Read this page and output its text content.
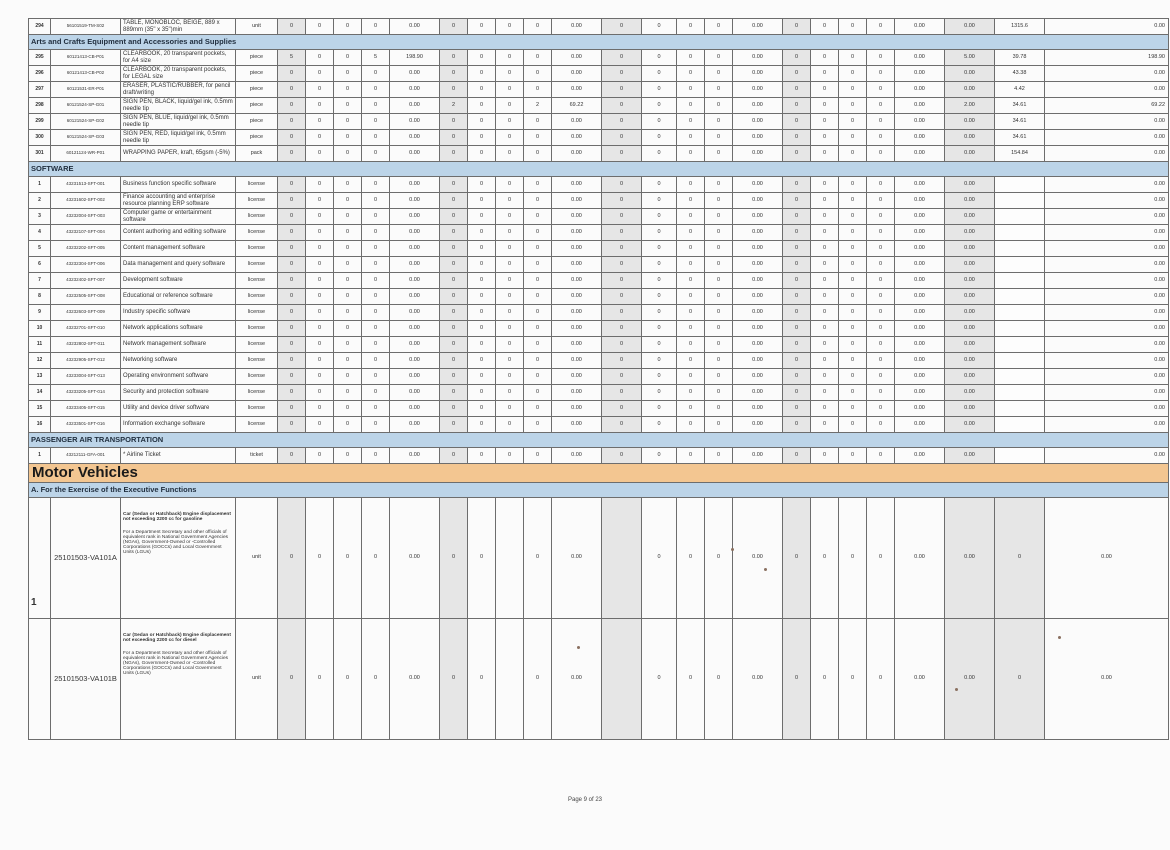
294	56101519-TM-S02	TABLE, MONOBLOC, BEIGE, 889 x 889mm (35" x 35")min	unit	0	0	0	0	0.00	0	0	0	0	0.00	0	0	0	0	0.00	0	0	0	0	0.00	0.00	1315.6	0.00
Arts and Crafts Equipment and Accessories and Supplies																										
295	60121413-CB-P01	CLEARBOOK, 20 transparent pockets, for A4 size	piece	5	0	0	5	198.90	0	0	0	0	0.00	0	0	0	0	0.00	0	0	0	0	0.00	5.00	39.78	198.90
296	60121413-CB-P02	CLEARBOOK, 20 transparent pockets, for LEGAL size	piece	0	0	0	0	0.00	0	0	0	0	0.00	0	0	0	0	0.00	0	0	0	0	0.00	0.00	43.38	0.00
297	60121531-ER-P01	ERASER, PLASTIC/RUBBER, for pencil draft/writing	piece	0	0	0	0	0.00	0	0	0	0	0.00	0	0	0	0	0.00	0	0	0	0	0.00	0.00	4.42	0.00
298	60121524-SP-G01	SIGN PEN, BLACK, liquid/gel ink, 0.5mm needle tip	piece	0	0	0	0	0.00	2	0	0	2	69.22	0	0	0	0	0.00	0	0	0	0	0.00	2.00	34.61	69.22
299	60121524-SP-G02	SIGN PEN, BLUE, liquid/gel ink, 0.5mm needle tip	piece	0	0	0	0	0.00	0	0	0	0	0.00	0	0	0	0	0.00	0	0	0	0	0.00	0.00	34.61	0.00
300	60121524-SP-G03	SIGN PEN, RED, liquid/gel ink, 0.5mm needle tip	piece	0	0	0	0	0.00	0	0	0	0	0.00	0	0	0	0	0.00	0	0	0	0	0.00	0.00	34.61	0.00
301	60121124-WR-P01	WRAPPING PAPER, kraft, 65gsm (-5%)	pack	0	0	0	0	0.00	0	0	0	0	0.00	0	0	0	0	0.00	0	0	0	0	0.00	0.00	154.84	0.00
SOFTWARE																										
1	43231513-SFT-001	Business function specific software	license	0	0	0	0	0.00	0	0	0	0	0.00	0	0	0	0	0.00	0	0	0	0	0.00	0.00		0.00
2	43231602-SFT-002	Finance accounting and enterprise resource planning ERP software	license	0	0	0	0	0.00	0	0	0	0	0.00	0	0	0	0	0.00	0	0	0	0	0.00	0.00		0.00
3	43232004-SFT-003	Computer game or entertainment software	license	0	0	0	0	0.00	0	0	0	0	0.00	0	0	0	0	0.00	0	0	0	0	0.00	0.00		0.00
4	43232107-SFT-004	Content authoring and editing software	license	0	0	0	0	0.00	0	0	0	0	0.00	0	0	0	0	0.00	0	0	0	0	0.00	0.00		0.00
5	43232202-SFT-005	Content management software	license	0	0	0	0	0.00	0	0	0	0	0.00	0	0	0	0	0.00	0	0	0	0	0.00	0.00		0.00
6	43232304-SFT-006	Data management and query software	license	0	0	0	0	0.00	0	0	0	0	0.00	0	0	0	0	0.00	0	0	0	0	0.00	0.00		0.00
7	43232402-SFT-007	Development software	license	0	0	0	0	0.00	0	0	0	0	0.00	0	0	0	0	0.00	0	0	0	0	0.00	0.00		0.00
8	43232505-SFT-008	Educational or reference software	license	0	0	0	0	0.00	0	0	0	0	0.00	0	0	0	0	0.00	0	0	0	0	0.00	0.00		0.00
9	43232603-SFT-009	Industry specific software	license	0	0	0	0	0.00	0	0	0	0	0.00	0	0	0	0	0.00	0	0	0	0	0.00	0.00		0.00
10	43232701-SFT-010	Network applications software	license	0	0	0	0	0.00	0	0	0	0	0.00	0	0	0	0	0.00	0	0	0	0	0.00	0.00		0.00
11	43232802-SFT-011	Network management software	license	0	0	0	0	0.00	0	0	0	0	0.00	0	0	0	0	0.00	0	0	0	0	0.00	0.00		0.00
12	43232905-SFT-012	Networking software	license	0	0	0	0	0.00	0	0	0	0	0.00	0	0	0	0	0.00	0	0	0	0	0.00	0.00		0.00
13	43233004-SFT-013	Operating environment software	license	0	0	0	0	0.00	0	0	0	0	0.00	0	0	0	0	0.00	0	0	0	0	0.00	0.00		0.00
14	43233205-SFT-014	Security and protection software	license	0	0	0	0	0.00	0	0	0	0	0.00	0	0	0	0	0.00	0	0	0	0	0.00	0.00		0.00
15	43233405-SFT-015	Utility and device driver software	license	0	0	0	0	0.00	0	0	0	0	0.00	0	0	0	0	0.00	0	0	0	0	0.00	0.00		0.00
16	43233501-SFT-016	Information exchange software	license	0	0	0	0	0.00	0	0	0	0	0.00	0	0	0	0	0.00	0	0	0	0	0.00	0.00		0.00
PASSENGER AIR TRANSPORTATION																										
1	43212111-GFA-001	* Airline Ticket	ticket	0	0	0	0	0.00	0	0	0	0	0.00	0	0	0	0	0.00	0	0	0	0	0.00	0.00		0.00
Motor Vehicles																										
A. For the Exercise of the Executive Functions																										
1	25101503-VA101A	Car (Sedan or Hatchback) Engine displacement not exceeding 2200 cc for gasoline
For a Department Secretary and other officials of equivalent rank in National Government Agencies (NGAs), Government-Owned or -Controlled Corporations (GOCCs) and Local Government Units (LGUs)	unit	0	0	0	0	0.00	0	0		0	0.00		0	0	0	0.00	0	0	0	0	0.00	0.00	0	0.00
	25101503-VA101B	Car (Sedan or Hatchback) Engine displacement not exceeding 2200 cc for diesel
For a Department Secretary and other officials of equivalent rank in National Government Agencies (NGAs), Government-Owned or -Controlled Corporations (GOCCs) and Local Government Units (LGUs)	unit	0	0	0	0	0.00	0	0		0	0.00		0	0	0	0.00	0	0	0	0	0.00	0.00	0	0.00
Page 9 of 23
